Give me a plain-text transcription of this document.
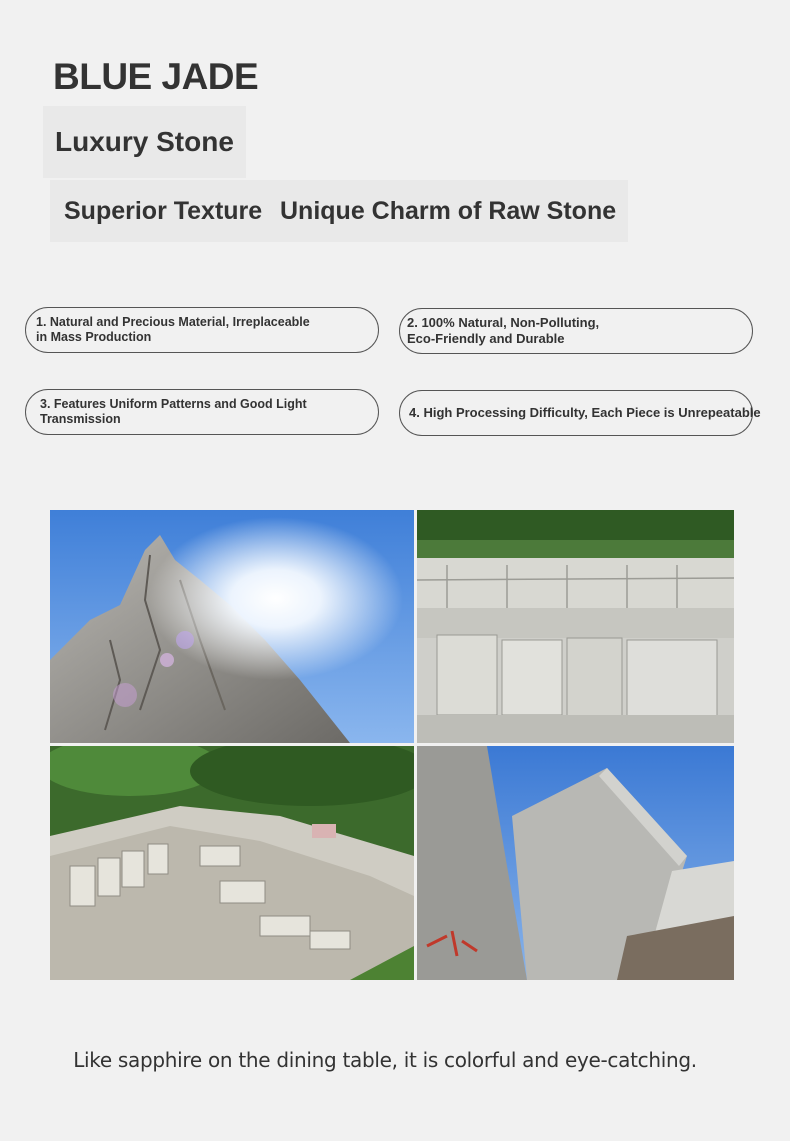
BLUE JADE
Luxury Stone
Superior Texture Unique Charm of Raw Stone
1. Natural and Precious Material, Irreplaceable
in Mass Production
2. 100% Natural, Non-Polluting,
Eco-Friendly and Durable
3. Features Uniform Patterns and Good Light
Transmission	4. High Processing Difficulty, Each Piece is Unrepeatable
Like sapphire on the dining table, it is colorful and eye-catching.
